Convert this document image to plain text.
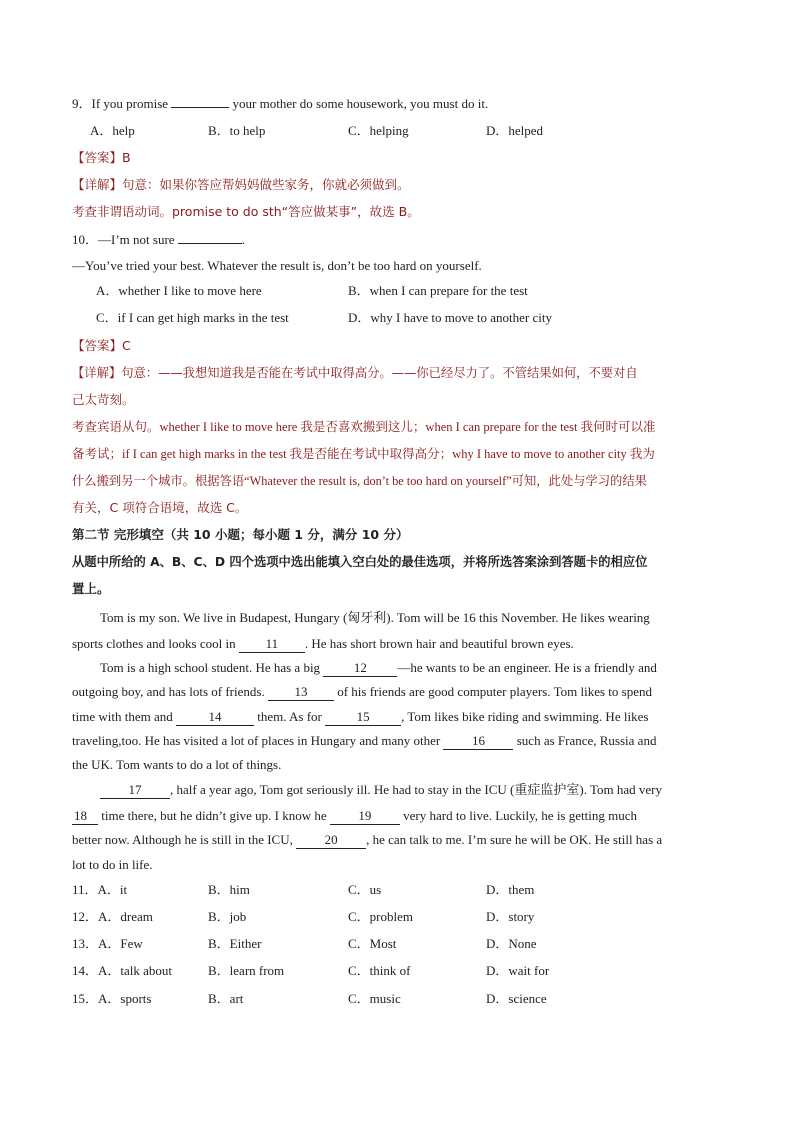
9．If you promise	your mother do some housework, you must do it.
A．help	B．to help	C．helping	D．helped
【答案】B
【详解】句意：如果你答应帮妈妈做些家务，你就必须做到。
考查非谓语动词。promise to do sth“答应做某事”，故选 B。
10．—I’m not sure	.
—You’ve tried your best. Whatever the result is, don’t be too hard on yourself.
A．whether I like to move here	B．when I can prepare for the test
C．if I can get high marks in the test	D．why I have to move to another city
【答案】C
【详解】句意：——我想知道我是否能在考试中取得高分。——你已经尽力了。不管结果如何，不要对自
己太苛刻。
考查宾语从句。whether I like to move here 我是否喜欢搬到这儿；when I can prepare for the test 我何时可以准
备考试；if I can get high marks in the test 我是否能在考试中取得高分；why I have to move to another city 我为
什么搬到另一个城市。根据答语“Whatever the result is, don’t be too hard on yourself”可知，此处与学习的结果
有关，C 项符合语境，故选 C。
第二节 完形填空（共 10 小题；每小题 1 分，满分 10 分）
从题中所给的 A、B、C、D 四个选项中选出能填入空白处的最佳选项，并将所选答案涂到答题卡的相应位
置上。
Tom is my son. We live in Budapest, Hungary (匈牙利). Tom will be 16 this November. He likes wearing
sports clothes and looks cool in 11 . He has short brown hair and beautiful brown eyes.
Tom is a high school student. He has a big	12 —he wants to be an engineer. He is a friendly and
outgoing boy, and has lots of friends. 13 of his friends are good computer players. Tom likes to spend
time with them and	14	them. As for	15 , Tom likes bike riding and swimming. He likes
traveling,too. He has visited a lot of places in Hungary and many other 16 such as France, Russia and
the UK. Tom wants to do a lot of things.
17 , half a year ago, Tom got seriously ill. He had to stay in the ICU (重症监护室). Tom had very
18 time there, but he didn’t give up. I know he 19 very hard to live. Luckily, he is getting much
better now. Although he is still in the ICU, 20 , he can talk to me. I’m sure he will be OK. He still has a
lot to do in life.
11．A．it	B．him	C．us	D．them
12．A．dream	B．job	C．problem	D．story
13．A．Few	B．Either	C．Most	D．None
14．A．talk about	B．learn from	C．think of	D．wait for
15．A．sports	B．art	C．music	D．science
